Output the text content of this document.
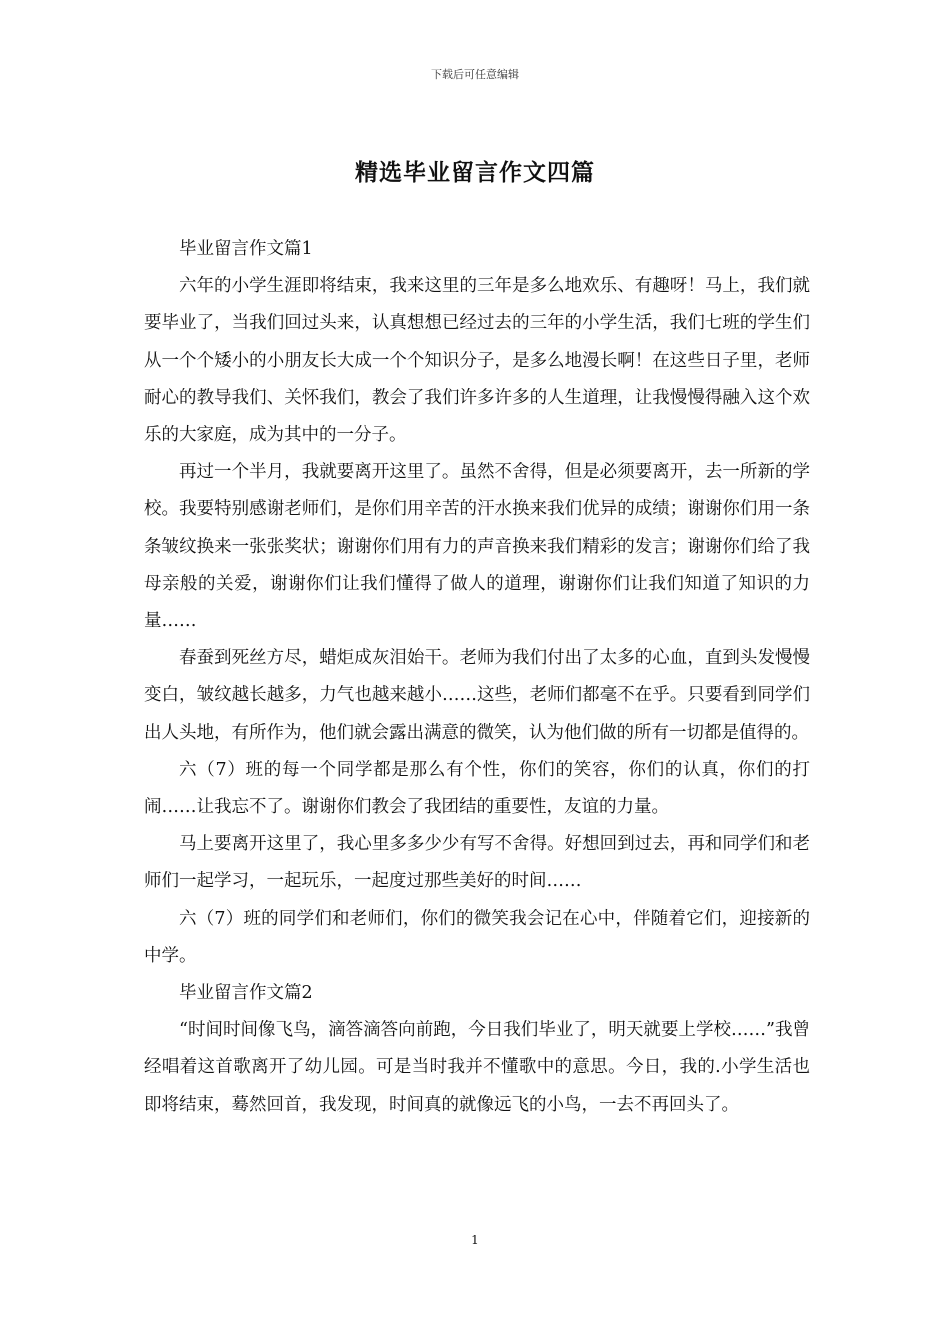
下载后可任意编辑
精选毕业留言作文四篇

毕业留言作文篇1

六年的小学生涯即将结束，我来这里的三年是多么地欢乐、有趣呀！马上，我们就要毕业了，当我们回过头来，认真想想已经过去的三年的小学生活，我们七班的学生们从一个个矮小的小朋友长大成一个个知识分子，是多么地漫长啊！在这些日子里，老师耐心的教导我们、关怀我们，教会了我们许多许多的人生道理，让我慢慢得融入这个欢乐的大家庭，成为其中的一分子。

再过一个半月，我就要离开这里了。虽然不舍得，但是必须要离开，去一所新的学校。我要特别感谢老师们，是你们用辛苦的汗水换来我们优异的成绩；谢谢你们用一条条皱纹换来一张张奖状；谢谢你们用有力的声音换来我们精彩的发言；谢谢你们给了我母亲般的关爱，谢谢你们让我们懂得了做人的道理，谢谢你们让我们知道了知识的力量……

春蚕到死丝方尽，蜡炬成灰泪始干。老师为我们付出了太多的心血，直到头发慢慢变白，皱纹越长越多，力气也越来越小……这些，老师们都毫不在乎。只要看到同学们出人头地，有所作为，他们就会露出满意的微笑，认为他们做的所有一切都是值得的。

六（7）班的每一个同学都是那么有个性，你们的笑容，你们的认真，你们的打闹……让我忘不了。谢谢你们教会了我团结的重要性，友谊的力量。

马上要离开这里了，我心里多多少少有写不舍得。好想回到过去，再和同学们和老师们一起学习，一起玩乐，一起度过那些美好的时间……

六（7）班的同学们和老师们，你们的微笑我会记在心中，伴随着它们，迎接新的中学。

毕业留言作文篇2

“时间时间像飞鸟，滴答滴答向前跑，今日我们毕业了，明天就要上学校……”我曾经唱着这首歌离开了幼儿园。可是当时我并不懂歌中的意思。今日，我的.小学生活也即将结束，蓦然回首，我发现，时间真的就像远飞的小鸟，一去不再回头了。

1
